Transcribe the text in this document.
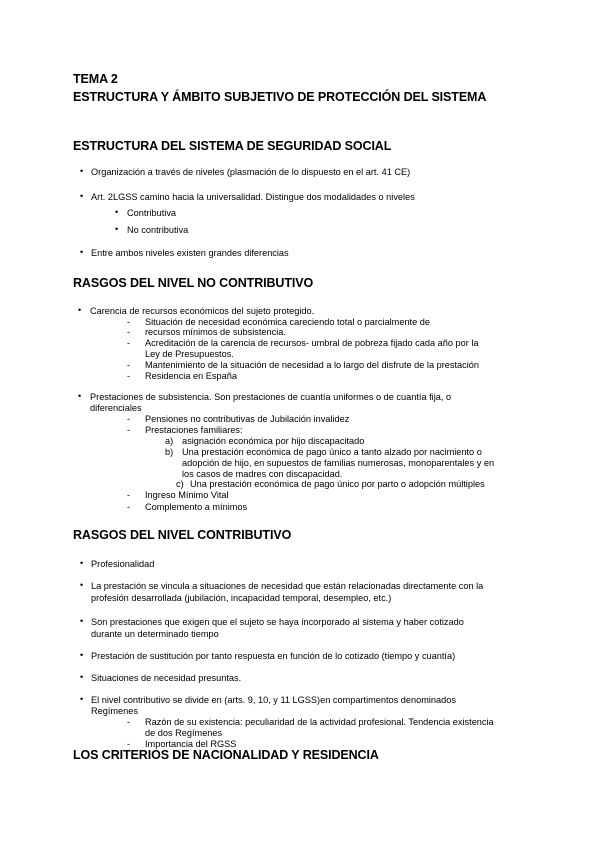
TEMA 2
ESTRUCTURA Y ÁMBITO SUBJETIVO DE PROTECCIÓN DEL SISTEMA
ESTRUCTURA DEL SISTEMA DE SEGURIDAD SOCIAL
• Organización a través de niveles (plasmación de lo dispuesto en el art. 41 CE)
• Art. 2LGSS camino hacia la universalidad. Distingue dos modalidades o niveles
• Contributiva
• No contributiva
• Entre ambos niveles existen grandes diferencias
RASGOS DEL NIVEL NO CONTRIBUTIVO
• Carencia de recursos económicos del sujeto protegido.
- Situación de necesidad económica careciendo total o parcialmente de
- recursos mínimos de subsistencia.
- Acreditación de la carencia de recursos- umbral de pobreza fijado cada año por la
Ley de Presupuestos.
- Mantenimiento de la situación de necesidad a lo largo del disfrute de la prestación
- Residencia en España
• Prestaciones de subsistencia. Son prestaciones de cuantía uniformes o de cuantía fija, o
diferenciales
- Pensiones no contributivas de Jubilación invalidez
- Prestaciones familiares:
a) asignación económica por hijo discapacitado
b) Una prestación económica de pago único a tanto alzado por nacimiento o
adopción de hijo, en supuestos de familias numerosas, monoparentales y en
los casos de madres con discapacidad.
c) Una prestación económica de pago único por parto o adopción múltiples
- Ingreso Mínimo Vital
- Complemento a mínimos
RASGOS DEL NIVEL CONTRIBUTIVO
• Profesionalidad
• La prestación se vincula a situaciones de necesidad que están relacionadas directamente con la
profesión desarrollada (jubilación, incapacidad temporal, desempleo, etc.)
• Son prestaciones que exigen que el sujeto se haya incorporado al sistema y haber cotizado
durante un determinado tiempo
• Prestación de sustitución por tanto respuesta en función de lo cotizado (tiempo y cuantía)
• Situaciones de necesidad presuntas.
• El nivel contributivo se divide en (arts. 9, 10, y 11 LGSS)en compartimentos denominados
Regímenes
- Razón de su existencia: peculiaridad de la actividad profesional. Tendencia existencia
de dos Regímenes
- Importancia del RGSS
LOS CRITERIOS DE NACIONALIDAD Y RESIDENCIA
